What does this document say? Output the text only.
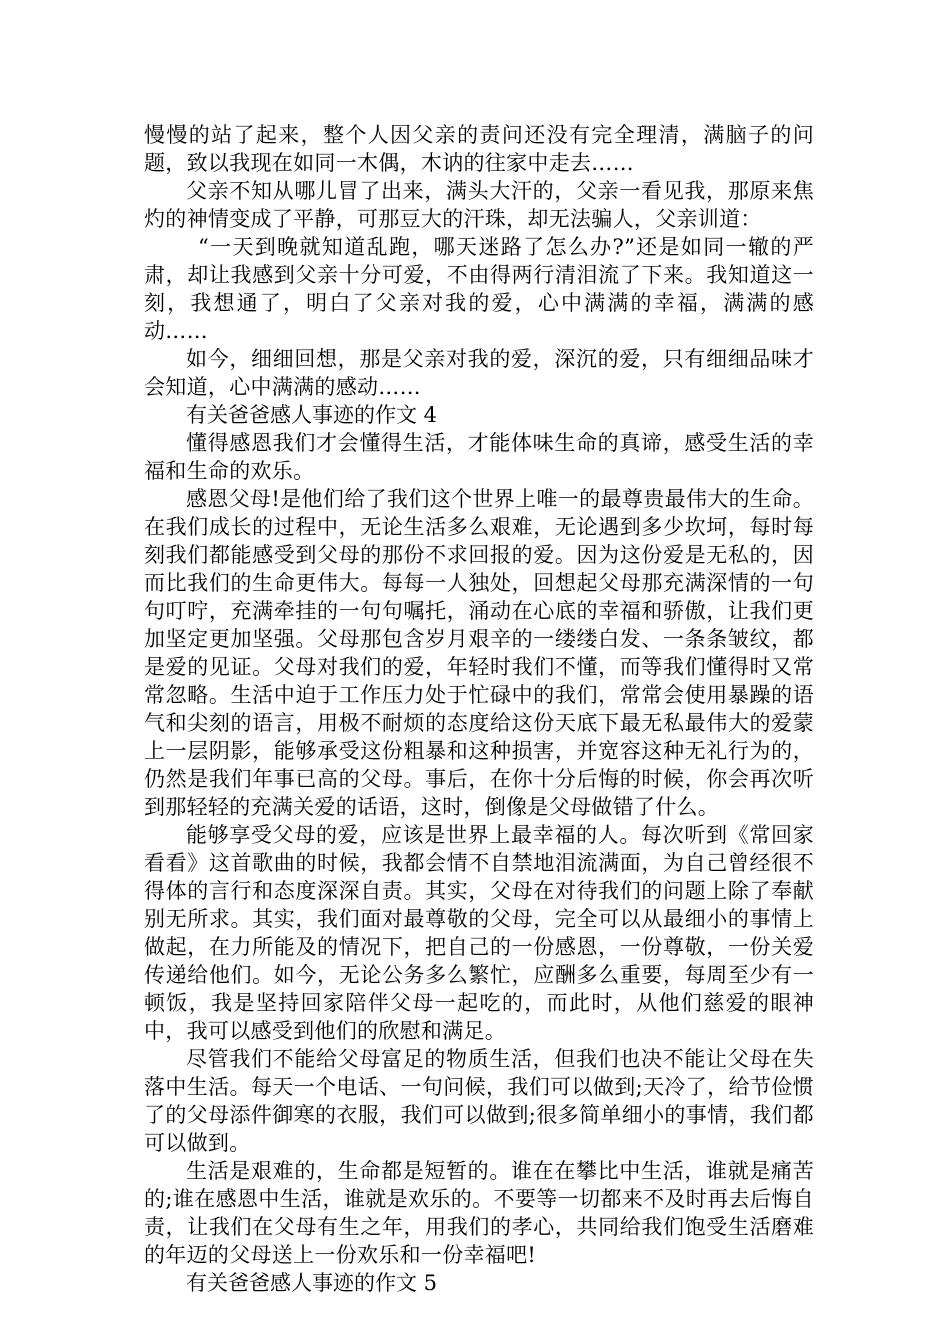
慢慢的站了起来，整个人因父亲的责问还没有完全理清，满脑子的问题，致以我现在如同一木偶，木讷的往家中走去……

父亲不知从哪儿冒了出来，满头大汗的，父亲一看见我，那原来焦灼的神情变成了平静，可那豆大的汗珠，却无法骗人，父亲训道：

“一天到晚就知道乱跑，哪天迷路了怎么办?”还是如同一辙的严肃，却让我感到父亲十分可爱，不由得两行清泪流了下来。我知道这一刻，我想通了，明白了父亲对我的爱，心中满满的幸福，满满的感动……

如今，细细回想，那是父亲对我的爱，深沉的爱，只有细细品味才会知道，心中满满的感动……

有关爸爸感人事迹的作文 4

懂得感恩我们才会懂得生活，才能体味生命的真谛，感受生活的幸福和生命的欢乐。

感恩父母!是他们给了我们这个世界上唯一的最尊贵最伟大的生命。在我们成长的过程中，无论生活多么艰难，无论遇到多少坎坷，每时每刻我们都能感受到父母的那份不求回报的爱。因为这份爱是无私的，因而比我们的生命更伟大。每每一人独处，回想起父母那充满深情的一句句叮咛，充满牵挂的一句句嘱托，涌动在心底的幸福和骄傲，让我们更加坚定更加坚强。父母那包含岁月艰辛的一缕缕白发、一条条皱纹，都是爱的见证。父母对我们的爱，年轻时我们不懂，而等我们懂得时又常常忽略。生活中迫于工作压力处于忙碌中的我们，常常会使用暴躁的语气和尖刻的语言，用极不耐烦的态度给这份天底下最无私最伟大的爱蒙上一层阴影，能够承受这份粗暴和这种损害，并宽容这种无礼行为的，仍然是我们年事已高的父母。事后，在你十分后悔的时候，你会再次听到那轻轻的充满关爱的话语，这时，倒像是父母做错了什么。

能够享受父母的爱，应该是世界上最幸福的人。每次听到《常回家看看》这首歌曲的时候，我都会情不自禁地泪流满面，为自己曾经很不得体的言行和态度深深自责。其实，父母在对待我们的问题上除了奉献别无所求。其实，我们面对最尊敬的父母，完全可以从最细小的事情上做起，在力所能及的情况下，把自己的一份感恩，一份尊敬，一份关爱传递给他们。如今，无论公务多么繁忙，应酬多么重要，每周至少有一顿饭，我是坚持回家陪伴父母一起吃的，而此时，从他们慈爱的眼神中，我可以感受到他们的欣慰和满足。

尽管我们不能给父母富足的物质生活，但我们也决不能让父母在失落中生活。每天一个电话、一句问候，我们可以做到;天冷了，给节俭惯了的父母添件御寒的衣服，我们可以做到;很多简单细小的事情，我们都可以做到。

生活是艰难的，生命都是短暂的。谁在在攀比中生活，谁就是痛苦的;谁在感恩中生活，谁就是欢乐的。不要等一切都来不及时再去后悔自责，让我们在父母有生之年，用我们的孝心，共同给我们饱受生活磨难的年迈的父母送上一份欢乐和一份幸福吧!

有关爸爸感人事迹的作文 5
